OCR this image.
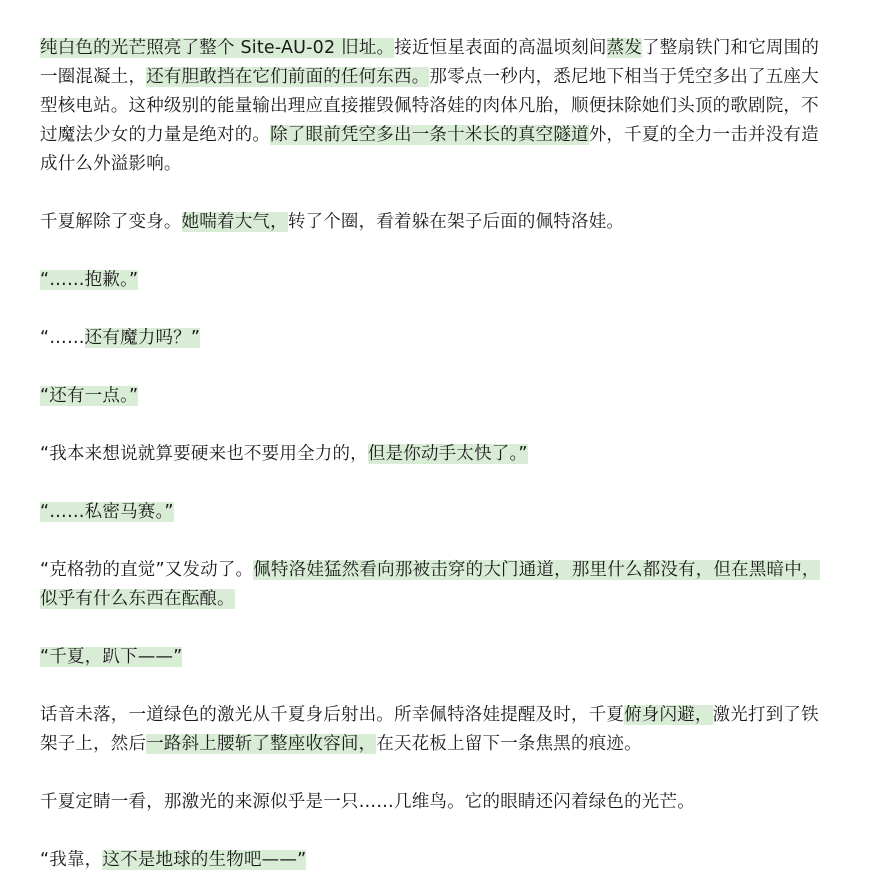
纯白色的光芒照亮了整个 Site-AU-02 旧址。接近恒星表面的高温顷刻间蒸发了整扇铁门和它周围的一圈混凝土，还有胆敢挡在它们前面的任何东西。那零点一秒内，悉尼地下相当于凭空多出了五座大型核电站。这种级别的能量输出理应直接摧毁佩特洛娃的肉体凡胎，顺便抹除她们头顶的歌剧院，不过魔法少女的力量是绝对的。除了眼前凭空多出一条十米长的真空隧道外，千夏的全力一击并没有造成什么外溢影响。

千夏解除了变身。她喘着大气，转了个圈，看着躲在架子后面的佩特洛娃。

“……抱歉。”

“……还有魔力吗？”

“还有一点。”

“我本来想说就算要硬来也不要用全力的，但是你动手太快了。”

“……私密马赛。”

“克格勃的直觉”又发动了。佩特洛娃猛然看向那被击穿的大门通道，那里什么都没有，但在黑暗中，似乎有什么东西在酝酿。

“千夏，趴下——”

话音未落，一道绿色的激光从千夏身后射出。所幸佩特洛娃提醒及时，千夏俯身闪避，激光打到了铁架子上，然后一路斜上腰斩了整座收容间，在天花板上留下一条焦黑的痕迹。

千夏定睛一看，那激光的来源似乎是一只……几维鸟。它的眼睛还闪着绿色的光芒。

“我靠，这不是地球的生物吧——”
